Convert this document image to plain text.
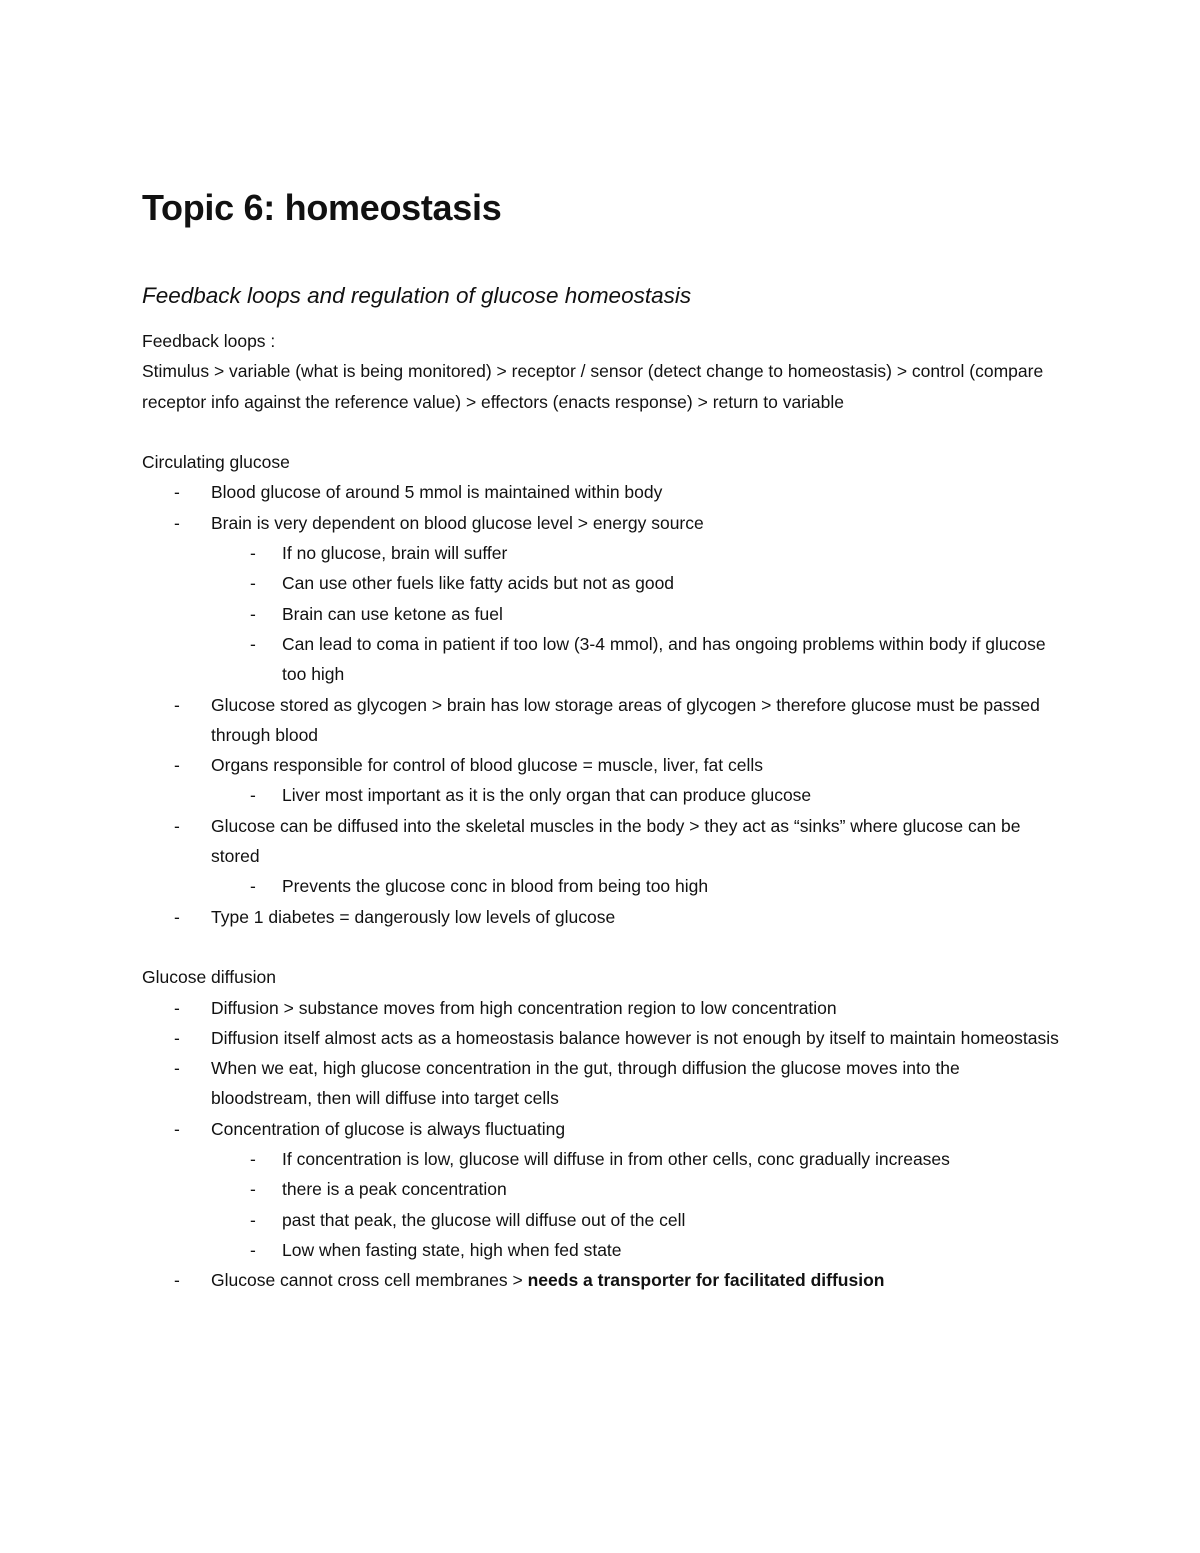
Topic 6: homeostasis
Feedback loops and regulation of glucose homeostasis

Feedback loops :

Stimulus > variable (what is being monitored) > receptor / sensor (detect change to homeostasis) > control (compare receptor info against the reference value) > effectors (enacts response) > return to variable

Circulating glucose

- Blood glucose of around 5 mmol is maintained within body
- Brain is very dependent on blood glucose level > energy source
- If no glucose, brain will suffer
- Can use other fuels like fatty acids but not as good
- Brain can use ketone as fuel
- Can lead to coma in patient if too low (3-4 mmol), and has ongoing problems within body if glucose too high
- Glucose stored as glycogen > brain has low storage areas of glycogen > therefore glucose must be passed through blood
- Organs responsible for control of blood glucose = muscle, liver, fat cells
- Liver most important as it is the only organ that can produce glucose
- Glucose can be diffused into the skeletal muscles in the body > they act as “sinks” where glucose can be stored
- Prevents the glucose conc in blood from being too high
- Type 1 diabetes = dangerously low levels of glucose

Glucose diffusion

- Diffusion > substance moves from high concentration region to low concentration
- Diffusion itself almost acts as a homeostasis balance however is not enough by itself to maintain homeostasis
- When we eat, high glucose concentration in the gut, through diffusion the glucose moves into the bloodstream, then will diffuse into target cells
- Concentration of glucose is always fluctuating
- If concentration is low, glucose will diffuse in from other cells, conc gradually increases
- there is a peak concentration
- past that peak, the glucose will diffuse out of the cell
- Low when fasting state, high when fed state
- Glucose cannot cross cell membranes > needs a transporter for facilitated diffusion
